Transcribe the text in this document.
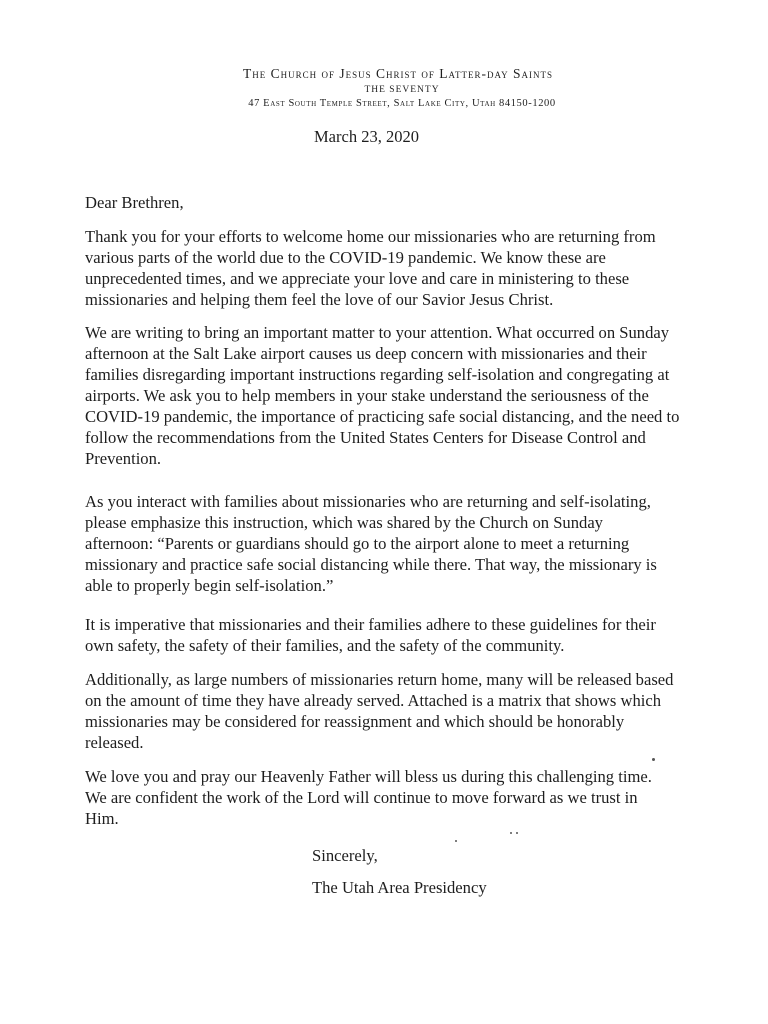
The Church of Jesus Christ of Latter-day Saints
THE SEVENTY
47 East South Temple Street, Salt Lake City, Utah 84150-1200
March 23, 2020
Dear Brethren,

Thank you for your efforts to welcome home our missionaries who are returning from various parts of the world due to the COVID-19 pandemic. We know these are unprecedented times, and we appreciate your love and care in ministering to these missionaries and helping them feel the love of our Savior Jesus Christ.

We are writing to bring an important matter to your attention. What occurred on Sunday afternoon at the Salt Lake airport causes us deep concern with missionaries and their families disregarding important instructions regarding self-isolation and congregating at airports. We ask you to help members in your stake understand the seriousness of the COVID-19 pandemic, the importance of practicing safe social distancing, and the need to follow the recommendations from the United States Centers for Disease Control and Prevention.

As you interact with families about missionaries who are returning and self-isolating, please emphasize this instruction, which was shared by the Church on Sunday afternoon: “Parents or guardians should go to the airport alone to meet a returning missionary and practice safe social distancing while there. That way, the missionary is able to properly begin self-isolation.”

It is imperative that missionaries and their families adhere to these guidelines for their own safety, the safety of their families, and the safety of the community.

Additionally, as large numbers of missionaries return home, many will be released based on the amount of time they have already served. Attached is a matrix that shows which missionaries may be considered for reassignment and which should be honorably released.

We love you and pray our Heavenly Father will bless us during this challenging time. We are confident the work of the Lord will continue to move forward as we trust in Him.

Sincerely,
The Utah Area Presidency
